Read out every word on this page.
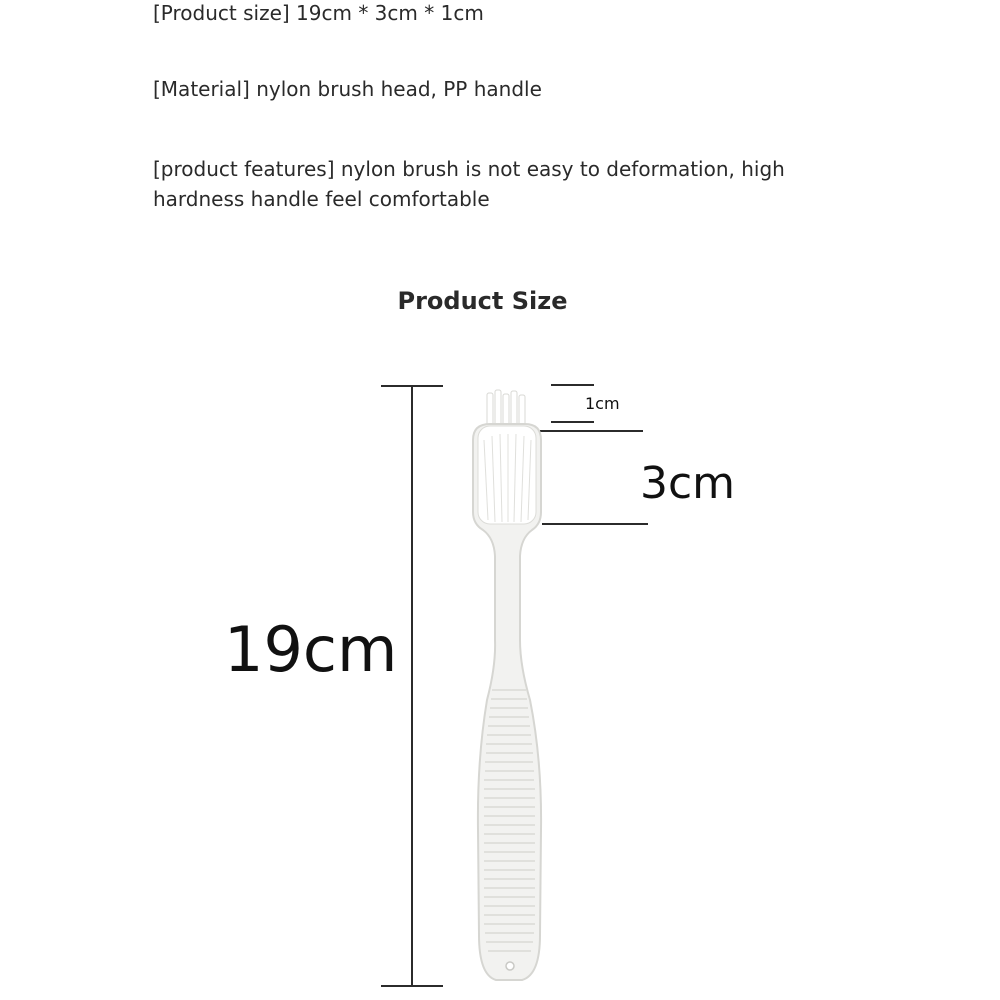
[Product size] 19cm * 3cm * 1cm

[Material] nylon brush head, PP handle

[product features] nylon brush is not easy to deformation, high hardness handle feel comfortable

Product Size
19cm
1cm
3cm
